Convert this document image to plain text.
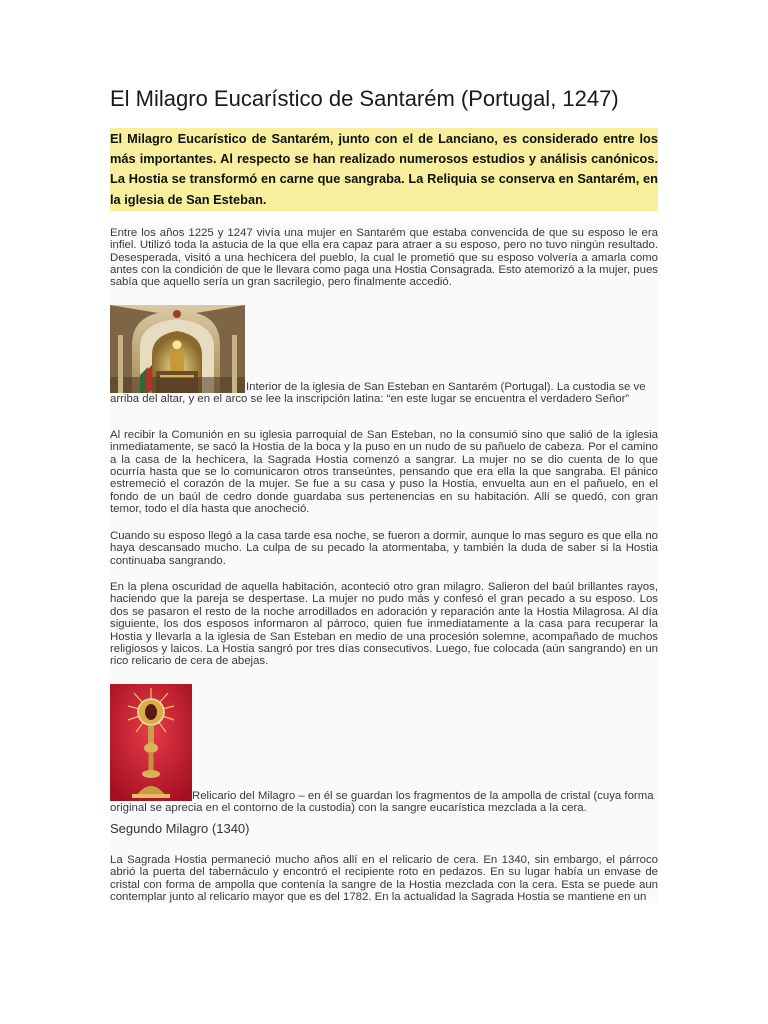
El Milagro Eucarístico de Santarém (Portugal, 1247)
El Milagro Eucarístico de Santarém, junto con el de Lanciano, es considerado entre los más importantes. Al respecto se han realizado numerosos estudios y análisis canónicos. La Hostia se transformó en carne que sangraba. La Reliquia se conserva en Santarém, en la iglesia de San Esteban.

Entre los años 1225 y 1247 vivía una mujer en Santarém que estaba convencida de que su esposo le era infiel. Utilizó toda la astucia de la que ella era capaz para atraer a su esposo, pero no tuvo ningún resultado. Desesperada, visitó a una hechicera del pueblo, la cual le prometió que su esposo volvería a amarla como antes con la condición de que le llevara como paga una Hostia Consagrada. Esto atemorizó a la mujer, pues sabía que aquello sería un gran sacrilegio, pero finalmente accedió.

Interior de la iglesia de San Esteban en Santarém (Portugal). La custodia se ve arriba del altar, y en el arco se lee la inscripción latina: “en este lugar se encuentra el verdadero Señor”

Al recibir la Comunión en su iglesia parroquial de San Esteban, no la consumió sino que salió de la iglesia inmediatamente, se sacó la Hostia de la boca y la puso en un nudo de su pañuelo de cabeza. Por el camino a la casa de la hechicera, la Sagrada Hostia comenzó a sangrar. La mujer no se dio cuenta de lo que ocurría hasta que se lo comunicaron otros transeúntes, pensando que era ella la que sangraba. El pánico estremeció el corazón de la mujer. Se fue a su casa y puso la Hostia, envuelta aun en el pañuelo, en el fondo de un baúl de cedro donde guardaba sus pertenencias en su habitación. Allí se quedó, con gran temor, todo el día hasta que anocheció.

Cuando su esposo llegó a la casa tarde esa noche, se fueron a dormir, aunque lo mas seguro es que ella no haya descansado mucho. La culpa de su pecado la atormentaba, y también la duda de saber si la Hostia continuaba sangrando.

En la plena oscuridad de aquella habitación, aconteció otro gran milagro. Salieron del baúl brillantes rayos, haciendo que la pareja se despertase. La mujer no pudo más y confesó el gran pecado a su esposo. Los dos se pasaron el resto de la noche arrodillados en adoración y reparación ante la Hostia Milagrosa. Al día siguiente, los dos esposos informaron al párroco, quien fue inmediatamente a la casa para recuperar la Hostia y llevarla a la iglesia de San Esteban en medio de una procesión solemne, acompañado de muchos religiosos y laicos. La Hostia sangró por tres días consecutivos. Luego, fue colocada (aún sangrando) en un rico relicario de cera de abejas.

Relicario del Milagro – en él se guardan los fragmentos de la ampolla de cristal (cuya forma original se aprecia en el contorno de la custodia) con la sangre eucarística mezclada a la cera.
Segundo Milagro (1340)

La Sagrada Hostia permaneció mucho años allí en el relicario de cera. En 1340, sin embargo, el párroco abrió la puerta del tabernáculo y encontró el recipiente roto en pedazos. En su lugar había un envase de cristal con forma de ampolla que contenía la sangre de la Hostia mezclada con la cera. Esta se puede aun contemplar junto al relicario mayor que es del 1782. En la actualidad la Sagrada Hostia se mantiene en un
